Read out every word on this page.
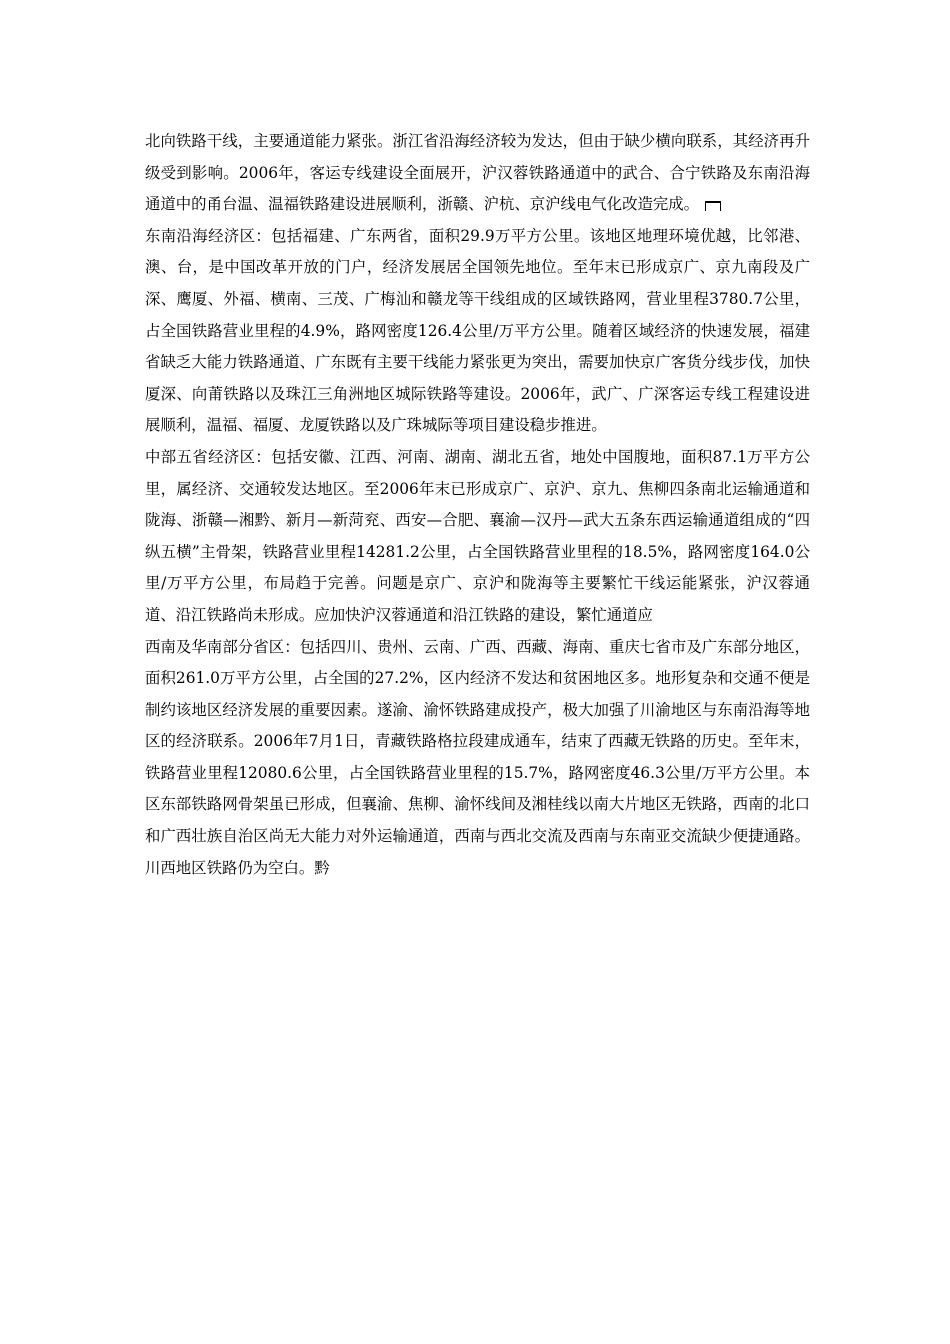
北向铁路干线，主要通道能力紧张。浙江省沿海经济较为发达，但由于缺少横向联系，其经济再升级受到影响。2006年，客运专线建设全面展开，沪汉蓉铁路通道中的武合、合宁铁路及东南沿海通道中的甬台温、温福铁路建设进展顺利，浙赣、沪杭、京沪线电气化改造完成。

东南沿海经济区：包括福建、广东两省，面积29.9万平方公里。该地区地理环境优越，比邻港、澳、台，是中国改革开放的门户，经济发展居全国领先地位。至年末已形成京广、京九南段及广深、鹰厦、外福、横南、三茂、广梅汕和赣龙等干线组成的区域铁路网，营业里程3780.7公里，占全国铁路营业里程的4.9%，路网密度126.4公里/万平方公里。随着区域经济的快速发展，福建省缺乏大能力铁路通道、广东既有主要干线能力紧张更为突出，需要加快京广客货分线步伐，加快厦深、向莆铁路以及珠江三角洲地区城际铁路等建设。2006年，武广、广深客运专线工程建设进展顺利，温福、福厦、龙厦铁路以及广珠城际等项目建设稳步推进。

中部五省经济区：包括安徽、江西、河南、湖南、湖北五省，地处中国腹地，面积87.1万平方公里，属经济、交通较发达地区。至2006年末已形成京广、京沪、京九、焦柳四条南北运输通道和陇海、浙赣—湘黔、新月—新菏兖、西安—合肥、襄渝—汉丹—武大五条东西运输通道组成的“四纵五横”主骨架，铁路营业里程14281.2公里，占全国铁路营业里程的18.5%，路网密度164.0公里/万平方公里，布局趋于完善。问题是京广、京沪和陇海等主要繁忙干线运能紧张，沪汉蓉通道、沿江铁路尚未形成。应加快沪汉蓉通道和沿江铁路的建设，繁忙通道应

西南及华南部分省区：包括四川、贵州、云南、广西、西藏、海南、重庆七省市及广东部分地区，面积261.0万平方公里，占全国的27.2%，区内经济不发达和贫困地区多。地形复杂和交通不便是制约该地区经济发展的重要因素。遂渝、渝怀铁路建成投产，极大加强了川渝地区与东南沿海等地区的经济联系。2006年7月1日，青藏铁路格拉段建成通车，结束了西藏无铁路的历史。至年末，铁路营业里程12080.6公里，占全国铁路营业里程的15.7%，路网密度46.3公里/万平方公里。本区东部铁路网骨架虽已形成，但襄渝、焦柳、渝怀线间及湘桂线以南大片地区无铁路，西南的北口和广西壮族自治区尚无大能力对外运输通道，西南与西北交流及西南与东南亚交流缺少便捷通路。川西地区铁路仍为空白。黔
